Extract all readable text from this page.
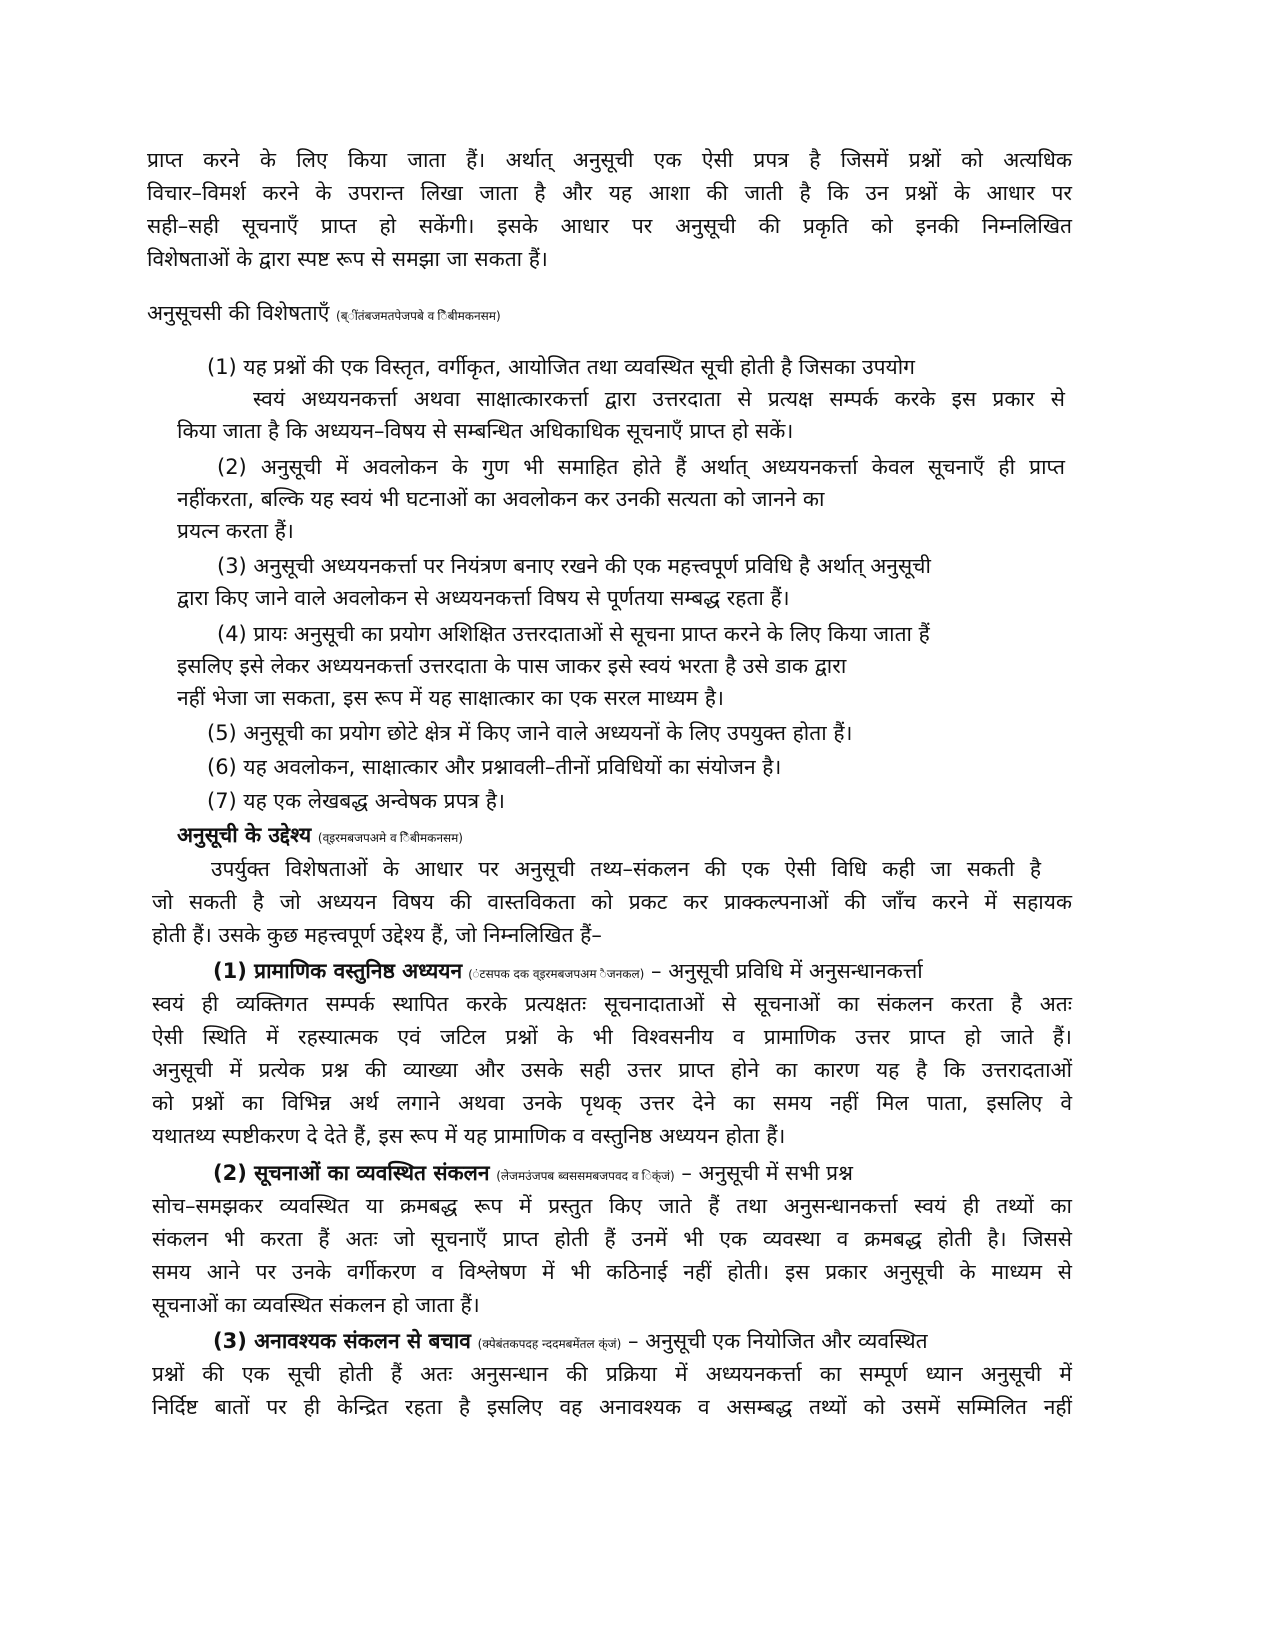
प्राप्त करने के लिए किया जाता हैं। अर्थात् अनुसूची एक ऐसी प्रपत्र है जिसमें प्रश्नों को अत्यधिक
विचार–विमर्श करने के उपरान्त लिखा जाता है और यह आशा की जाती है कि उन प्रश्नों के आधार पर
सही–सही सूचनाएँ प्राप्त हो सकेंगी। इसके आधार पर अनुसूची की प्रकृति को इनकी निम्नलिखित
विशेषताओं के द्वारा स्पष्ट रूप से समझा जा सकता हैं।
अनुसूचसी की विशेषताएँ (ब्ींतंबजमतपेजपबे व िैबीमकनसम)
(1) यह प्रश्नों की एक विस्तृत, वर्गीकृत, आयोजित तथा व्यवस्थित सूची होती है जिसका उपयोग
स्वयं अध्ययनकर्त्ता अथवा साक्षात्कारकर्त्ता द्वारा उत्तरदाता से प्रत्यक्ष सम्पर्क करके इस प्रकार से
किया जाता है कि अध्ययन–विषय से सम्बन्धित अधिकाधिक सूचनाएँ प्राप्त हो सकें।
(2) अनुसूची में अवलोकन के गुण भी समाहित होते हैं अर्थात् अध्ययनकर्त्ता केवल सूचनाएँ ही प्राप्त
नहींकरता, बल्कि यह स्वयं भी घटनाओं का अवलोकन कर उनकी सत्यता को जानने का
प्रयत्न करता हैं।
(3) अनुसूची अध्ययनकर्त्ता पर नियंत्रण बनाए रखने की एक महत्त्वपूर्ण प्रविधि है अर्थात् अनुसूची
द्वारा किए जाने वाले अवलोकन से अध्ययनकर्त्ता विषय से पूर्णतया सम्बद्ध रहता हैं।
(4) प्रायः अनुसूची का प्रयोग अशिक्षित उत्तरदाताओं से सूचना प्राप्त करने के लिए किया जाता हैं
इसलिए इसे लेकर अध्ययनकर्त्ता उत्तरदाता के पास जाकर इसे स्वयं भरता है उसे डाक द्वारा
नहीं भेजा जा सकता, इस रूप में यह साक्षात्कार का एक सरल माध्यम है।
(5) अनुसूची का प्रयोग छोटे क्षेत्र में किए जाने वाले अध्ययनों के लिए उपयुक्त होता हैं।
(6) यह अवलोकन, साक्षात्कार और प्रश्नावली–तीनों प्रविधियों का संयोजन है।
(7) यह एक लेखबद्ध अन्वेषक प्रपत्र है।
अनुसूची के उद्देश्य (व्इरमबजपअमे व िैबीमकनसम)
उपर्युक्त विशेषताओं के आधार पर अनुसूची तथ्य–संकलन की एक ऐसी विधि कही जा सकती है
जो सकती है जो अध्ययन विषय की वास्तविकता को प्रकट कर प्राक्कल्पनाओं की जाँच करने में सहायक
होती हैं। उसके कुछ महत्त्वपूर्ण उद्देश्य हैं, जो निम्नलिखित हैं–
(1) प्रामाणिक वस्तुनिष्ठ अध्ययन (ंटसपक दक व्इरमबजपअम ैजनकल) – अनुसूची प्रविधि में अनुसन्धानकर्त्ता
स्वयं ही व्यक्तिगत सम्पर्क स्थापित करके प्रत्यक्षतः सूचनादाताओं से सूचनाओं का संकलन करता है अतः
ऐसी स्थिति में रहस्यात्मक एवं जटिल प्रश्नों के भी विश्वसनीय व प्रामाणिक उत्तर प्राप्त हो जाते हैं।
अनुसूची में प्रत्येक प्रश्न की व्याख्या और उसके सही उत्तर प्राप्त होने का कारण यह है कि उत्तरादताओं
को प्रश्नों का विभिन्न अर्थ लगाने अथवा उनके पृथक् उत्तर देने का समय नहीं मिल पाता, इसलिए वे
यथातथ्य स्पष्टीकरण दे देते हैं, इस रूप में यह प्रामाणिक व वस्तुनिष्ठ अध्ययन होता हैं।
(2) सूचनाओं का व्यवस्थित संकलन (लेजमउंजपब ब्वससमबजपवद व िक्ंजं) – अनुसूची में सभी प्रश्न
सोच–समझकर व्यवस्थित या क्रमबद्ध रूप में प्रस्तुत किए जाते हैं तथा अनुसन्धानकर्त्ता स्वयं ही तथ्यों का
संकलन भी करता हैं अतः जो सूचनाएँ प्राप्त होती हैं उनमें भी एक व्यवस्था व क्रमबद्ध होती है। जिससे
समय आने पर उनके वर्गीकरण व विश्लेषण में भी कठिनाई नहीं होती। इस प्रकार अनुसूची के माध्यम से
सूचनाओं का व्यवस्थित संकलन हो जाता हैं।
(3) अनावश्यक संकलन से बचाव (क्पेबंतकपदह न्ददमबमेंतल क्ंजं) – अनुसूची एक नियोजित और व्यवस्थित
प्रश्नों की एक सूची होती हैं अतः अनुसन्धान की प्रक्रिया में अध्ययनकर्त्ता का सम्पूर्ण ध्यान अनुसूची में
निर्दिष्ट बातों पर ही केन्द्रित रहता है इसलिए वह अनावश्यक व असम्बद्ध तथ्यों को उसमें सम्मिलित नहीं
